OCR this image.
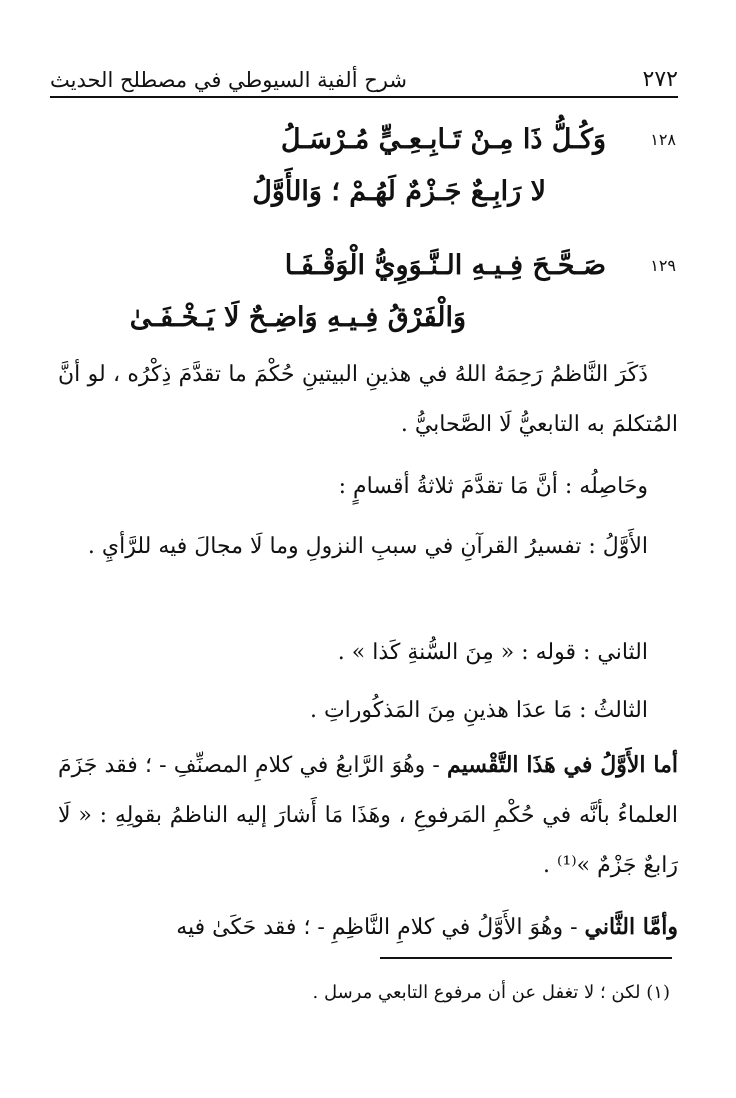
٢٧٢
شرح ألفية السيوطي في مصطلح الحديث
١٢٨
وَكُـلُّ ذَا مِـنْ تَـابِـعِـيٍّ مُـرْسَـلُ
لا رَابِـعٌ جَـزْمٌ لَهُـمْ ؛ وَالأَوَّلُ
١٢٩
صَـحَّـحَ فِـيـهِ الـنَّـوَوِيُّ الْوَقْـفَـا
وَالْفَرْقُ فِـيـهِ وَاضِـحٌ لَا يَـخْـفَـىٰ

ذَكَرَ النَّاظمُ رَحِمَهُ اللهُ في هذينِ البيتينِ حُكْمَ ما تقدَّمَ ذِكْرُه ، لو أنَّ المُتكلمَ به التابعيُّ لَا الصَّحابيُّ .

وحَاصِلُه : أنَّ مَا تقدَّمَ ثلاثةُ أقسامٍ :

الأَوَّلُ : تفسيرُ القرآنِ في سببِ النزولِ وما لَا مجالَ فيه للرَّأيِ .

الثاني : قوله : « مِنَ السُّنةِ كَذا » .

الثالثُ : مَا عدَا هذينِ مِنَ المَذكُوراتِ .

أما الأَوَّلُ في هَذَا التَّقْسيم - وهُوَ الرَّابعُ في كلامِ المصنِّفِ - ؛ فقد جَزَمَ العلماءُ بأنَّه في حُكْمِ المَرفوعِ ، وهَذَا مَا أَشارَ إليه الناظمُ بقولِهِ : « لَا رَابعٌ جَزْمٌ »⁽¹⁾ .

وأمَّا الثَّاني - وهُوَ الأَوَّلُ في كلامِ النَّاظِمِ - ؛ فقد حَكَىٰ فيه

(١) لكن ؛ لا تغفل عن أن مرفوع التابعي مرسل .
